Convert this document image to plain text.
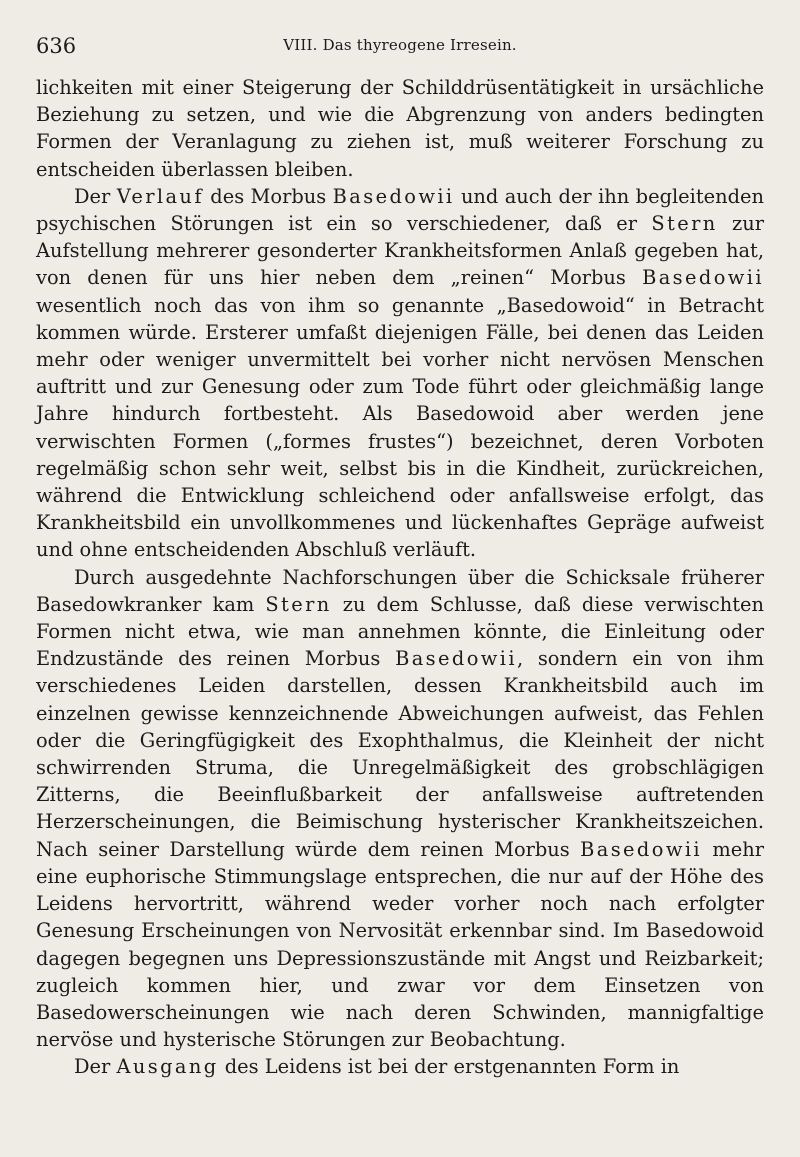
636	VIII. Das thyreogene Irresein.

lichkeiten mit einer Steigerung der Schilddrüsentätigkeit in ursächliche Beziehung zu setzen, und wie die Abgrenzung von anders bedingten Formen der Veranlagung zu ziehen ist, muß weiterer Forschung zu entscheiden überlassen bleiben.

Der Verlauf des Morbus Basedowii und auch der ihn begleitenden psychischen Störungen ist ein so verschiedener, daß er Stern zur Aufstellung mehrerer gesonderter Krankheitsformen Anlaß gegeben hat, von denen für uns hier neben dem „reinen“ Morbus Basedowii wesentlich noch das von ihm so genannte „Basedowoid“ in Betracht kommen würde. Ersterer umfaßt diejenigen Fälle, bei denen das Leiden mehr oder weniger unvermittelt bei vorher nicht nervösen Menschen auftritt und zur Genesung oder zum Tode führt oder gleichmäßig lange Jahre hindurch fortbesteht. Als Basedowoid aber werden jene verwischten Formen („formes frustes“) bezeichnet, deren Vorboten regelmäßig schon sehr weit, selbst bis in die Kindheit, zurückreichen, während die Entwicklung schleichend oder anfallsweise erfolgt, das Krankheitsbild ein unvollkommenes und lückenhaftes Gepräge aufweist und ohne entscheidenden Abschluß verläuft.

Durch ausgedehnte Nachforschungen über die Schicksale früherer Basedowkranker kam Stern zu dem Schlusse, daß diese verwischten Formen nicht etwa, wie man annehmen könnte, die Einleitung oder Endzustände des reinen Morbus Basedowii, sondern ein von ihm verschiedenes Leiden darstellen, dessen Krankheitsbild auch im einzelnen gewisse kennzeichnende Abweichungen aufweist, das Fehlen oder die Geringfügigkeit des Exophthalmus, die Kleinheit der nicht schwirrenden Struma, die Unregelmäßigkeit des grobschlägigen Zitterns, die Beeinflußbarkeit der anfallsweise auftretenden Herzerscheinungen, die Beimischung hysterischer Krankheitszeichen. Nach seiner Darstellung würde dem reinen Morbus Basedowii mehr eine euphorische Stimmungslage entsprechen, die nur auf der Höhe des Leidens hervortritt, während weder vorher noch nach erfolgter Genesung Erscheinungen von Nervosität erkennbar sind. Im Basedowoid dagegen begegnen uns Depressionszustände mit Angst und Reizbarkeit; zugleich kommen hier, und zwar vor dem Einsetzen von Basedowerscheinungen wie nach deren Schwinden, mannigfaltige nervöse und hysterische Störungen zur Beobachtung.

Der Ausgang des Leidens ist bei der erstgenannten Form in
